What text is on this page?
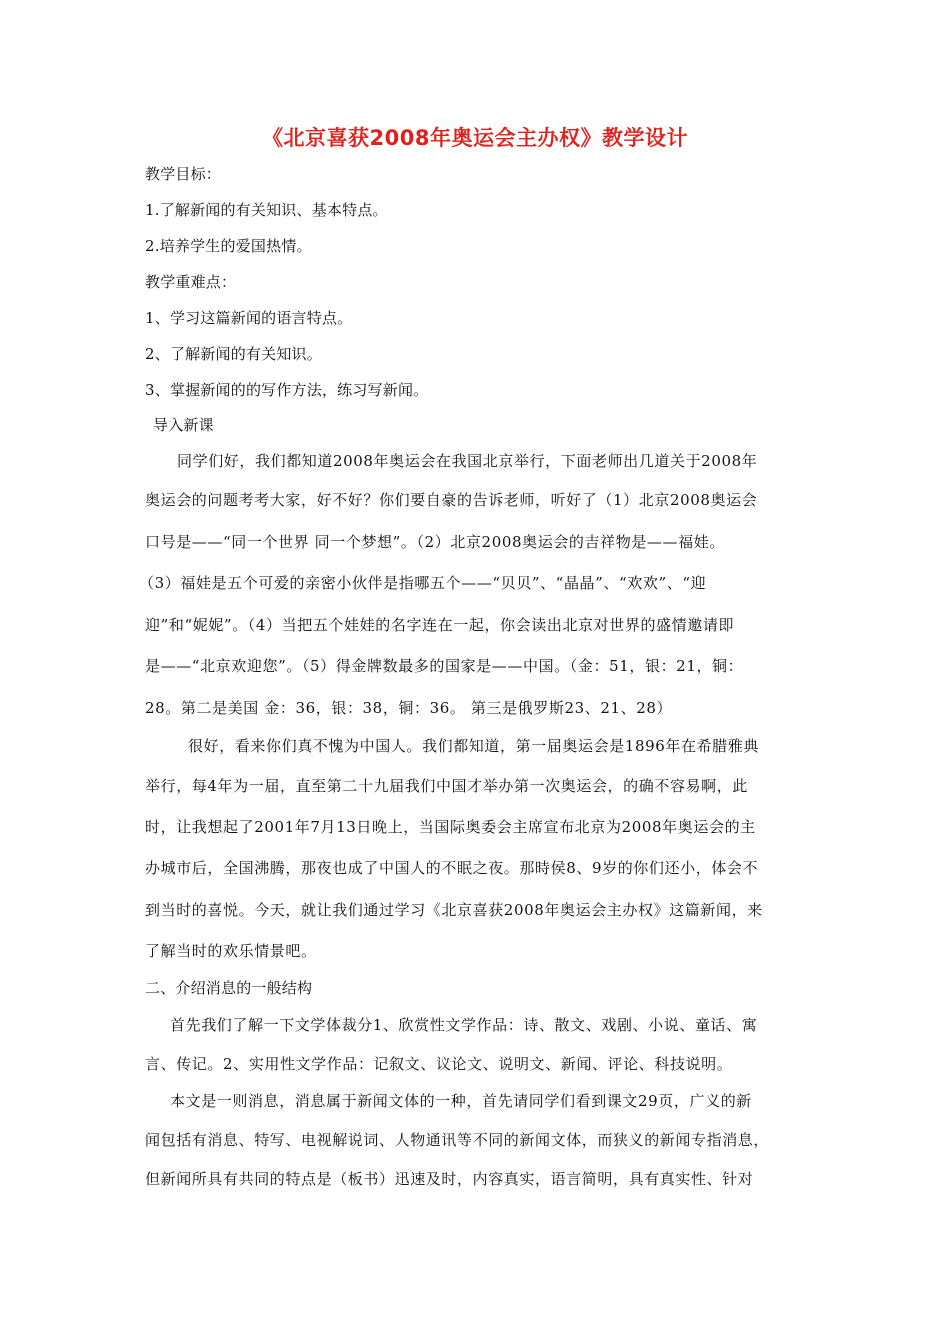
《北京喜获2008年奥运会主办权》教学设计
教学目标：
1.了解新闻的有关知识、基本特点。
2.培养学生的爱国热情。
教学重难点：
1、学习这篇新闻的语言特点。
2、了解新闻的有关知识。
3、掌握新闻的的写作方法，练习写新闻。
导入新课
同学们好，我们都知道2008年奥运会在我国北京举行，下面老师出几道关于2008年
奥运会的问题考考大家，好不好？你们要自豪的告诉老师，听好了（1）北京2008奥运会
口号是——“同一个世界 同一个梦想”。（2）北京2008奥运会的吉祥物是——福娃。
（3）福娃是五个可爱的亲密小伙伴是指哪五个——“贝贝”、“晶晶”、“欢欢”、“迎
迎”和“妮妮”。（4）当把五个娃娃的名字连在一起，你会读出北京对世界的盛情邀请即
是——“北京欢迎您”。（5）得金牌数最多的国家是——中国。（金：51，银：21，铜：
28。第二是美国 金：36，银：38，铜：36。 第三是俄罗斯23、21、28）
很好，看来你们真不愧为中国人。我们都知道，第一届奥运会是1896年在希腊雅典
举行，每4年为一届，直至第二十九届我们中国才举办第一次奥运会，的确不容易啊，此
时，让我想起了2001年7月13日晚上，当国际奥委会主席宣布北京为2008年奥运会的主
办城市后，全国沸腾，那夜也成了中国人的不眠之夜。那時侯8、9岁的你们还小，体会不
到当时的喜悦。今天，就让我们通过学习《北京喜获2008年奥运会主办权》这篇新闻，来
了解当时的欢乐情景吧。
二、介绍消息的一般结构
首先我们了解一下文学体裁分1、欣赏性文学作品：诗、散文、戏剧、小说、童话、寓
言、传记。2、实用性文学作品：记叙文、议论文、说明文、新闻、评论、科技说明。
本文是一则消息，消息属于新闻文体的一种，首先请同学们看到课文29页，广义的新
闻包括有消息、特写、电视解说词、人物通讯等不同的新闻文体，而狭义的新闻专指消息，
但新闻所具有共同的特点是（板书）迅速及时，内容真实，语言简明，具有真实性、针对
